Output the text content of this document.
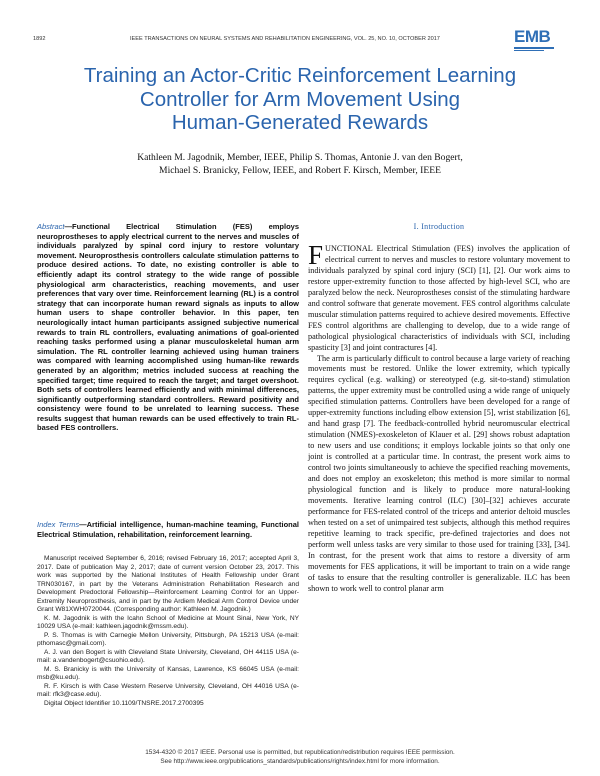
1892	IEEE TRANSACTIONS ON NEURAL SYSTEMS AND REHABILITATION ENGINEERING, VOL. 25, NO. 10, OCTOBER 2017	EMB
Training an Actor-Critic Reinforcement Learning
Controller for Arm Movement Using
Human-Generated Rewards
Kathleen M. Jagodnik, Member, IEEE, Philip S. Thomas, Antonie J. van den Bogert,
Michael S. Branicky, Fellow, IEEE, and Robert F. Kirsch, Member, IEEE
Abstract—Functional Electrical Stimulation (FES) employs neuroprostheses to apply electrical current to the nerves and muscles of individuals paralyzed by spinal cord injury to restore voluntary movement. Neuroprosthesis controllers calculate stimulation patterns to produce desired actions. To date, no existing controller is able to efficiently adapt its control strategy to the wide range of possible physiological arm characteristics, reaching movements, and user preferences that vary over time. Reinforcement learning (RL) is a control strategy that can incorporate human reward signals as inputs to allow human users to shape controller behavior. In this paper, ten neurologically intact human participants assigned subjective numerical rewards to train RL controllers, evaluating animations of goal-oriented reaching tasks performed using a planar musculoskeletal human arm simulation. The RL controller learning achieved using human trainers was compared with learning accomplished using human-like rewards generated by an algorithm; metrics included success at reaching the specified target; time required to reach the target; and target overshoot. Both sets of controllers learned efficiently and with minimal differences, significantly outperforming standard controllers. Reward positivity and consistency were found to be unrelated to learning success. These results suggest that human rewards can be used effectively to train RL-based FES controllers.
Index Terms—Artificial intelligence, human-machine teaming, Functional Electrical Stimulation, rehabilitation, reinforcement learning.

Manuscript received September 6, 2016; revised February 16, 2017; accepted April 3, 2017. Date of publication May 2, 2017; date of current version October 23, 2017. This work was supported by the National Institutes of Health Fellowship under Grant TRN030167, in part by the Veterans Administration Rehabilitation Research and Development Predoctoral Fellowship—Reinforcement Learning Control for an Upper-Extremity Neuroprosthesis, and in part by the Ardiem Medical Arm Control Device under Grant W81XWH0720044. (Corresponding author: Kathleen M. Jagodnik.)

K. M. Jagodnik is with the Icahn School of Medicine at Mount Sinai, New York, NY 10029 USA (e-mail: kathleen.jagodnik@mssm.edu).

P. S. Thomas is with Carnegie Mellon University, Pittsburgh, PA 15213 USA (e-mail: pthomasc@gmail.com).

A. J. van den Bogert is with Cleveland State University, Cleveland, OH 44115 USA (e-mail: a.vandenbogert@csuohio.edu).

M. S. Branicky is with the University of Kansas, Lawrence, KS 66045 USA (e-mail: msb@ku.edu).

R. F. Kirsch is with Case Western Reserve University, Cleveland, OH 44016 USA (e-mail: rfk3@case.edu).

Digital Object Identifier 10.1109/TNSRE.2017.2700395

I. Introduction

FUNCTIONAL Electrical Stimulation (FES) involves the application of electrical current to nerves and muscles to restore voluntary movement to individuals paralyzed by spinal cord injury (SCI) [1], [2]. Our work aims to restore upper-extremity function to those affected by high-level SCI, who are paralyzed below the neck. Neuroprostheses consist of the stimulating hardware and control software that generate movement. FES control algorithms calculate muscular stimulation patterns required to achieve desired movements. Effective FES control algorithms are challenging to develop, due to a wide range of pathological physiological characteristics of individuals with SCI, including spasticity [3] and joint contractures [4].

The arm is particularly difficult to control because a large variety of reaching movements must be restored. Unlike the lower extremity, which typically requires cyclical (e.g. walking) or stereotyped (e.g. sit-to-stand) stimulation patterns, the upper extremity must be controlled using a wide range of uniquely specified stimulation patterns. Controllers have been developed for a range of upper-extremity functions including elbow extension [5], wrist stabilization [6], and hand grasp [7]. The feedback-controlled hybrid neuromuscular electrical stimulation (NMES)-exoskeleton of Klauer et al. [29] shows robust adaptation to new users and use conditions; it employs lockable joints so that only one joint is controlled at a particular time. In contrast, the present work aims to control two joints simultaneously to achieve the specified reaching movements, and does not employ an exoskeleton; this method is more similar to normal physiological function and is likely to produce more natural-looking movements. Iterative learning control (ILC) [30]–[32] achieves accurate performance for FES-related control of the triceps and anterior deltoid muscles when tested on a set of unimpaired test subjects, although this method requires repetitive learning to track specific, pre-defined trajectories and does not perform well unless tasks are very similar to those used for training [33], [34]. In contrast, for the present work that aims to restore a diversity of arm movements for FES applications, it will be important to train on a wide range of tasks to ensure that the resulting controller is generalizable. ILC has been shown to work well to control planar arm

1534-4320 © 2017 IEEE. Personal use is permitted, but republication/redistribution requires IEEE permission.
See http://www.ieee.org/publications_standards/publications/rights/index.html for more information.
